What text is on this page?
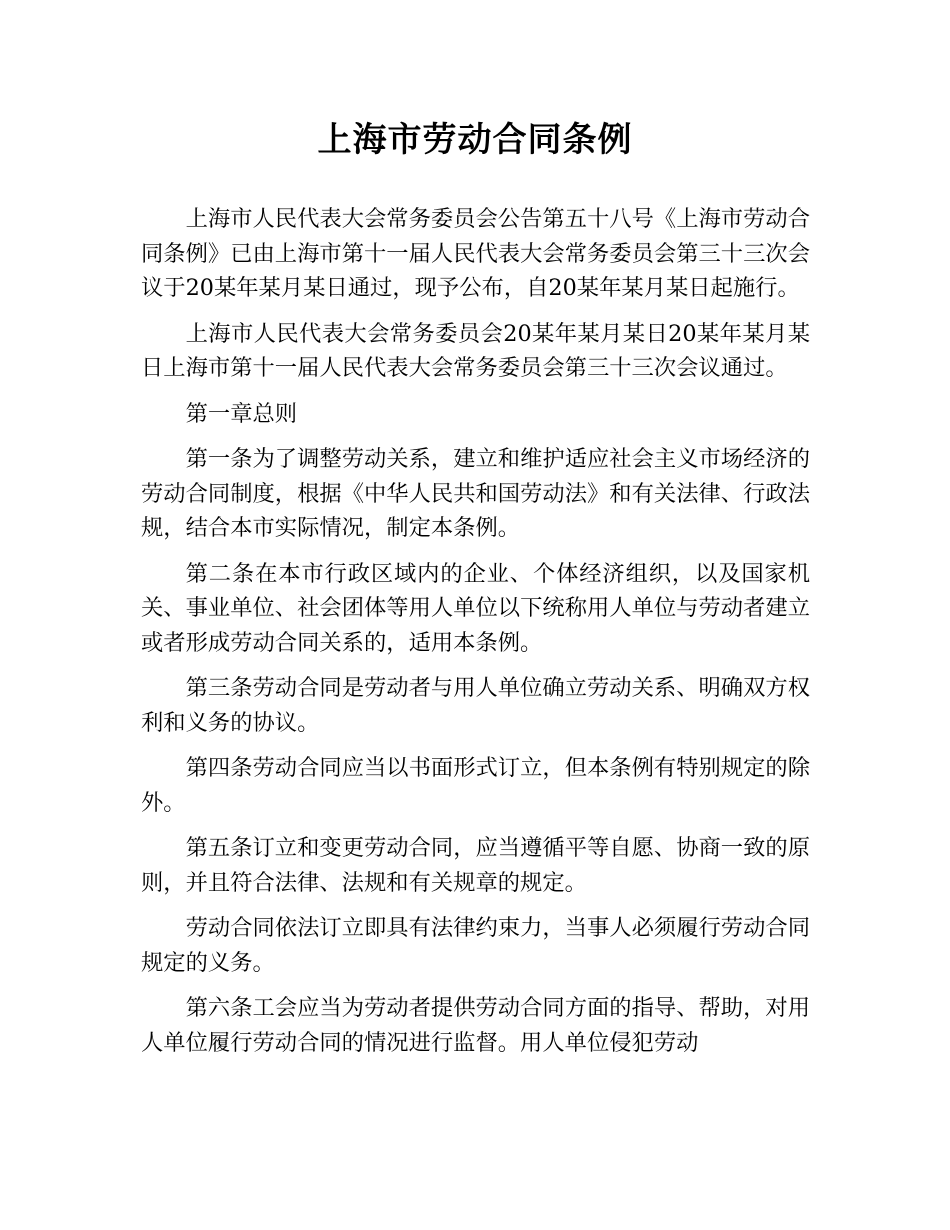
上海市劳动合同条例

上海市人民代表大会常务委员会公告第五十八号《上海市劳动合同条例》已由上海市第十一届人民代表大会常务委员会第三十三次会议于20某年某月某日通过，现予公布，自20某年某月某日起施行。

上海市人民代表大会常务委员会20某年某月某日20某年某月某日上海市第十一届人民代表大会常务委员会第三十三次会议通过。

第一章总则

第一条为了调整劳动关系，建立和维护适应社会主义市场经济的劳动合同制度，根据《中华人民共和国劳动法》和有关法律、行政法规，结合本市实际情况，制定本条例。

第二条在本市行政区域内的企业、个体经济组织，以及国家机关、事业单位、社会团体等用人单位以下统称用人单位与劳动者建立或者形成劳动合同关系的，适用本条例。

第三条劳动合同是劳动者与用人单位确立劳动关系、明确双方权利和义务的协议。

第四条劳动合同应当以书面形式订立，但本条例有特别规定的除外。

第五条订立和变更劳动合同，应当遵循平等自愿、协商一致的原则，并且符合法律、法规和有关规章的规定。

劳动合同依法订立即具有法律约束力，当事人必须履行劳动合同规定的义务。

第六条工会应当为劳动者提供劳动合同方面的指导、帮助，对用人单位履行劳动合同的情况进行监督。用人单位侵犯劳动
